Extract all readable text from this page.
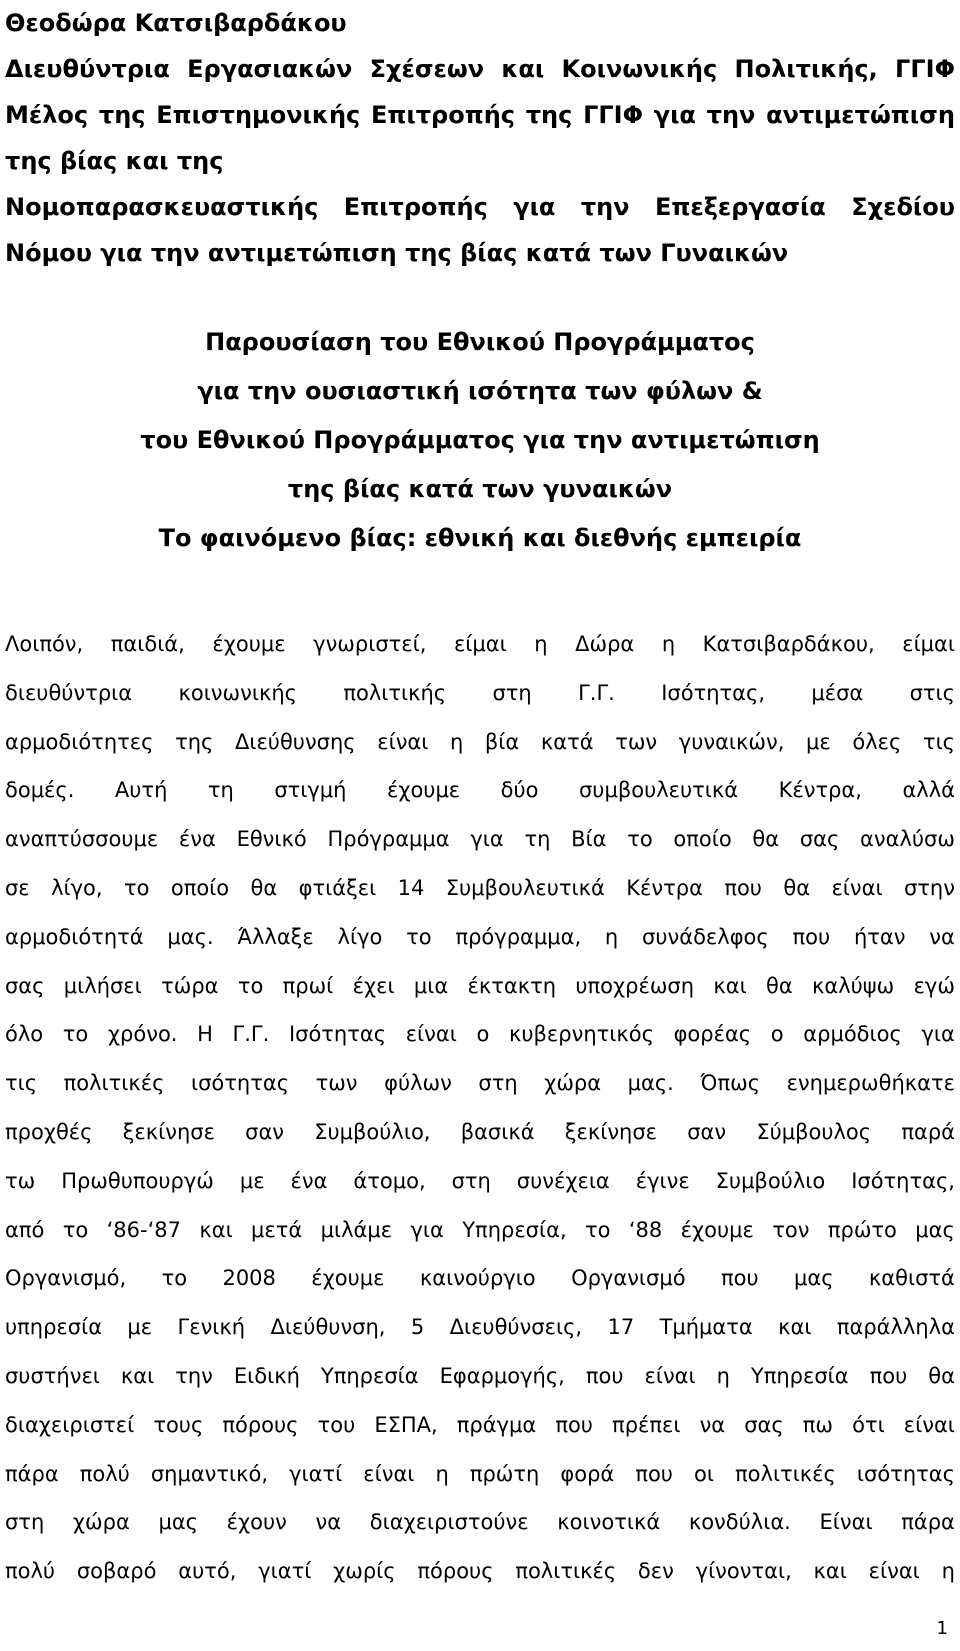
Θεοδώρα Κατσιβαρδάκου
Διευθύντρια Εργασιακών Σχέσεων και Κοινωνικής Πολιτικής, ΓΓΙΦ
Μέλος της Επιστημονικής Επιτροπής της ΓΓΙΦ για την αντιμετώπιση
της βίας και της
Νομοπαρασκευαστικής Επιτροπής για την Επεξεργασία Σχεδίου
Νόμου για την αντιμετώπιση της βίας κατά των Γυναικών
Παρουσίαση του Εθνικού Προγράμματος
για την ουσιαστική ισότητα των φύλων &
του Εθνικού Προγράμματος για την αντιμετώπιση
της βίας κατά των γυναικών
Το φαινόμενο βίας: εθνική και διεθνής εμπειρία
Λοιπόν, παιδιά, έχουμε γνωριστεί, είμαι η Δώρα η Κατσιβαρδάκου, είμαι
διευθύντρια κοινωνικής πολιτικής στη Γ.Γ. Ισότητας, μέσα στις
αρμοδιότητες της Διεύθυνσης είναι η βία κατά των γυναικών, με όλες τις
δομές. Αυτή τη στιγμή έχουμε δύο συμβουλευτικά Κέντρα, αλλά
αναπτύσσουμε ένα Εθνικό Πρόγραμμα για τη Βία το οποίο θα σας αναλύσω
σε λίγο, το οποίο θα φτιάξει 14 Συμβουλευτικά Κέντρα που θα είναι στην
αρμοδιότητά μας. Άλλαξε λίγο το πρόγραμμα, η συνάδελφος που ήταν να
σας μιλήσει τώρα το πρωί έχει μια έκτακτη υποχρέωση και θα καλύψω εγώ
όλο το χρόνο. Η Γ.Γ. Ισότητας είναι ο κυβερνητικός φορέας ο αρμόδιος για
τις πολιτικές ισότητας των φύλων στη χώρα μας. Όπως ενημερωθήκατε
προχθές ξεκίνησε σαν Συμβούλιο, βασικά ξεκίνησε σαν Σύμβουλος παρά
τω Πρωθυπουργώ με ένα άτομο, στη συνέχεια έγινε Συμβούλιο Ισότητας,
από το ‘86-‘87 και μετά μιλάμε για Υπηρεσία, το ‘88 έχουμε τον πρώτο μας
Οργανισμό, το 2008 έχουμε καινούργιο Οργανισμό που μας καθιστά
υπηρεσία με Γενική Διεύθυνση, 5 Διευθύνσεις, 17 Τμήματα και παράλληλα
συστήνει και την Ειδική Υπηρεσία Εφαρμογής, που είναι η Υπηρεσία που θα
διαχειριστεί τους πόρους του ΕΣΠΑ, πράγμα που πρέπει να σας πω ότι είναι
πάρα πολύ σημαντικό, γιατί είναι η πρώτη φορά που οι πολιτικές ισότητας
στη χώρα μας έχουν να διαχειριστούνε κοινοτικά κονδύλια. Είναι πάρα
πολύ σοβαρό αυτό, γιατί χωρίς πόρους πολιτικές δεν γίνονται, και είναι η
1
